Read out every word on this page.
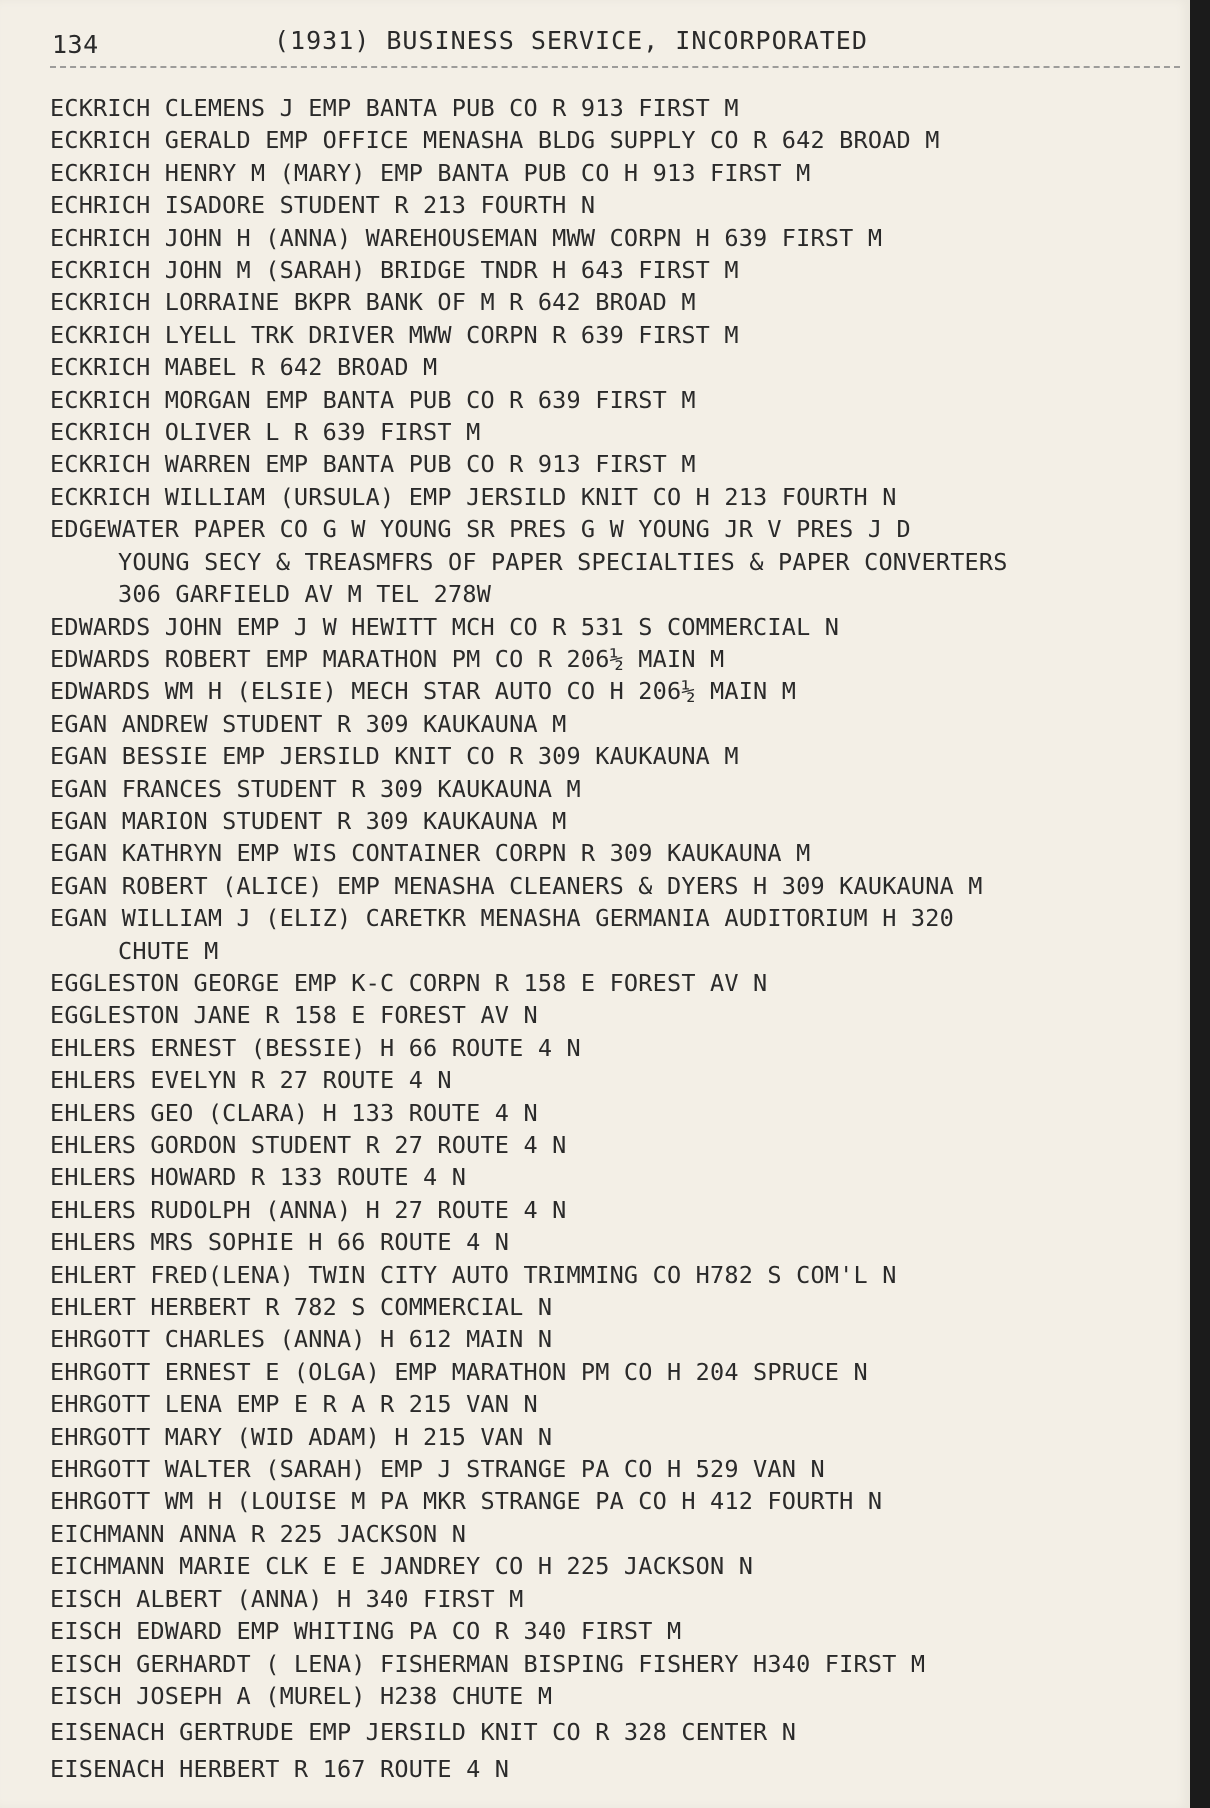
134	(1931) BUSINESS SERVICE, INCORPORATED
ECKRICH CLEMENS J EMP BANTA PUB CO R 913 FIRST M
ECKRICH GERALD EMP OFFICE MENASHA BLDG SUPPLY CO R 642 BROAD M
ECKRICH HENRY M (MARY) EMP BANTA PUB CO H 913 FIRST M
ECHRICH ISADORE STUDENT R 213 FOURTH N
ECHRICH JOHN H (ANNA) WAREHOUSEMAN MWW CORPN H 639 FIRST M
ECKRICH JOHN M (SARAH) BRIDGE TNDR H 643 FIRST M
ECKRICH LORRAINE BKPR BANK OF M R 642 BROAD M
ECKRICH LYELL TRK DRIVER MWW CORPN R 639 FIRST M
ECKRICH MABEL R 642 BROAD M
ECKRICH MORGAN EMP BANTA PUB CO R 639 FIRST M
ECKRICH OLIVER L R 639 FIRST M
ECKRICH WARREN EMP BANTA PUB CO R 913 FIRST M
ECKRICH WILLIAM (URSULA) EMP JERSILD KNIT CO H 213 FOURTH N
EDGEWATER PAPER CO G W YOUNG SR PRES G W YOUNG JR V PRES J D
YOUNG SECY & TREASMFRS OF PAPER SPECIALTIES & PAPER CONVERTERS
306 GARFIELD AV M TEL 278W
EDWARDS JOHN EMP J W HEWITT MCH CO R 531 S COMMERCIAL N
EDWARDS ROBERT EMP MARATHON PM CO R 206½ MAIN M
EDWARDS WM H (ELSIE) MECH STAR AUTO CO H 206½ MAIN M
EGAN ANDREW STUDENT R 309 KAUKAUNA M
EGAN BESSIE EMP JERSILD KNIT CO R 309 KAUKAUNA M
EGAN FRANCES STUDENT R 309 KAUKAUNA M
EGAN MARION STUDENT R 309 KAUKAUNA M
EGAN KATHRYN EMP WIS CONTAINER CORPN R 309 KAUKAUNA M
EGAN ROBERT (ALICE) EMP MENASHA CLEANERS & DYERS H 309 KAUKAUNA M
EGAN WILLIAM J (ELIZ) CARETKR MENASHA GERMANIA AUDITORIUM H 320
CHUTE M
EGGLESTON GEORGE EMP K-C CORPN R 158 E FOREST AV N
EGGLESTON JANE R 158 E FOREST AV N
EHLERS ERNEST (BESSIE) H 66 ROUTE 4 N
EHLERS EVELYN R 27 ROUTE 4 N
EHLERS GEO (CLARA) H 133 ROUTE 4 N
EHLERS GORDON STUDENT R 27 ROUTE 4 N
EHLERS HOWARD R 133 ROUTE 4 N
EHLERS RUDOLPH (ANNA) H 27 ROUTE 4 N
EHLERS MRS SOPHIE H 66 ROUTE 4 N
EHLERT FRED(LENA) TWIN CITY AUTO TRIMMING CO H782 S COM'L N
EHLERT HERBERT R 782 S COMMERCIAL N
EHRGOTT CHARLES (ANNA) H 612 MAIN N
EHRGOTT ERNEST E (OLGA) EMP MARATHON PM CO H 204 SPRUCE N
EHRGOTT LENA EMP E R A R 215 VAN N
EHRGOTT MARY (WID ADAM) H 215 VAN N
EHRGOTT WALTER (SARAH) EMP J STRANGE PA CO H 529 VAN N
EHRGOTT WM H (LOUISE M PA MKR STRANGE PA CO H 412 FOURTH N
EICHMANN ANNA R 225 JACKSON N
EICHMANN MARIE CLK E E JANDREY CO H 225 JACKSON N
EISCH ALBERT (ANNA) H 340 FIRST M
EISCH EDWARD EMP WHITING PA CO R 340 FIRST M
EISCH GERHARDT ( LENA) FISHERMAN BISPING FISHERY H340 FIRST M
EISCH JOSEPH A (MUREL) H238 CHUTE M
EISENACH GERTRUDE EMP JERSILD KNIT CO R 328 CENTER N
EISENACH HERBERT R 167 ROUTE 4 N
